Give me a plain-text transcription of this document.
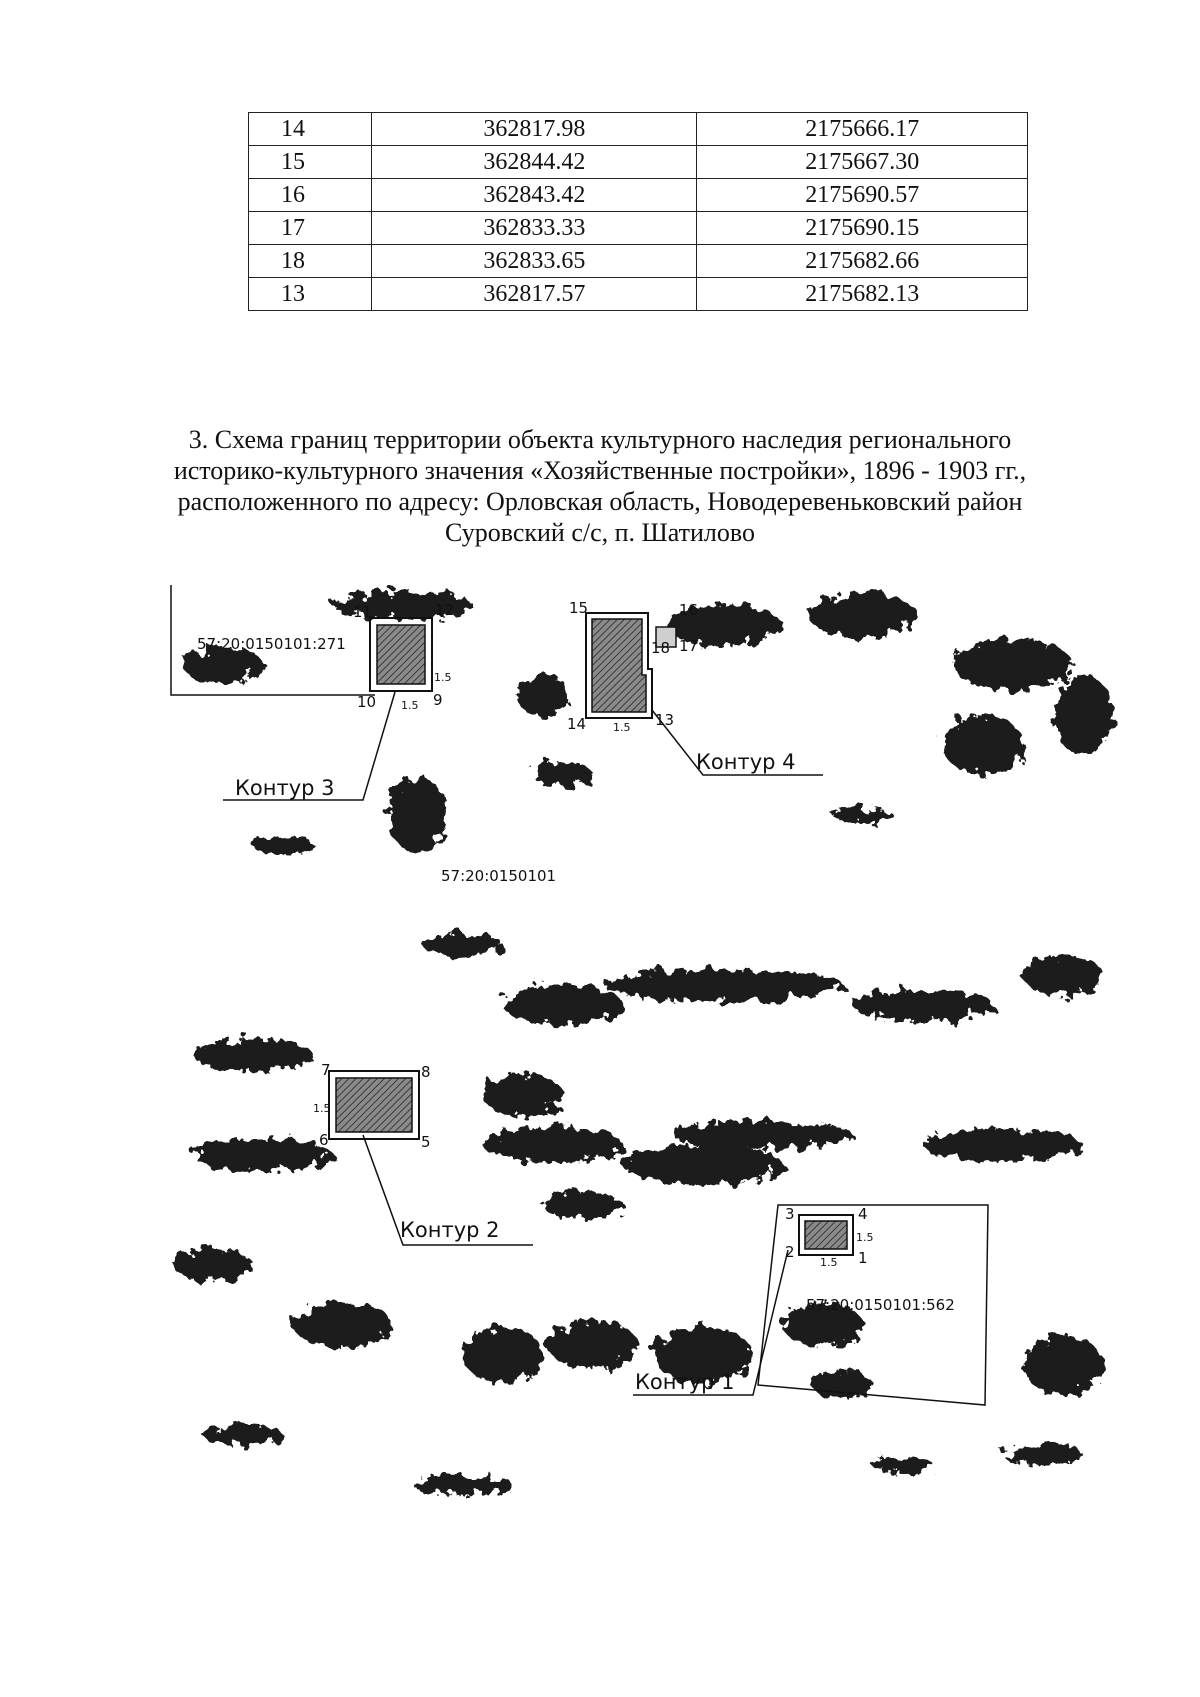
14	362817.98	2175666.17
15	362844.42	2175667.30
16	362843.42	2175690.57
17	362833.33	2175690.15
18	362833.65	2175682.66
13	362817.57	2175682.13
3. Схема границ территории объекта культурного наследия регионального
историко-культурного значения «Хозяйственные постройки», 1896 - 1903 гг.,
расположенного по адресу: Орловская область, Новодеревеньковский район
Суровский с/с, п. Шатилово
11	12
10	9
15	16
18 17
14	13
7	8
6	5
3	4
2	1
1.5
1.5
1.5
1.5
1.5
1.5
57:20:0150101:271
57:20:0150101
57:20:0150101:562
Контур 3
Контур 4
Контур 2
Контур 1
